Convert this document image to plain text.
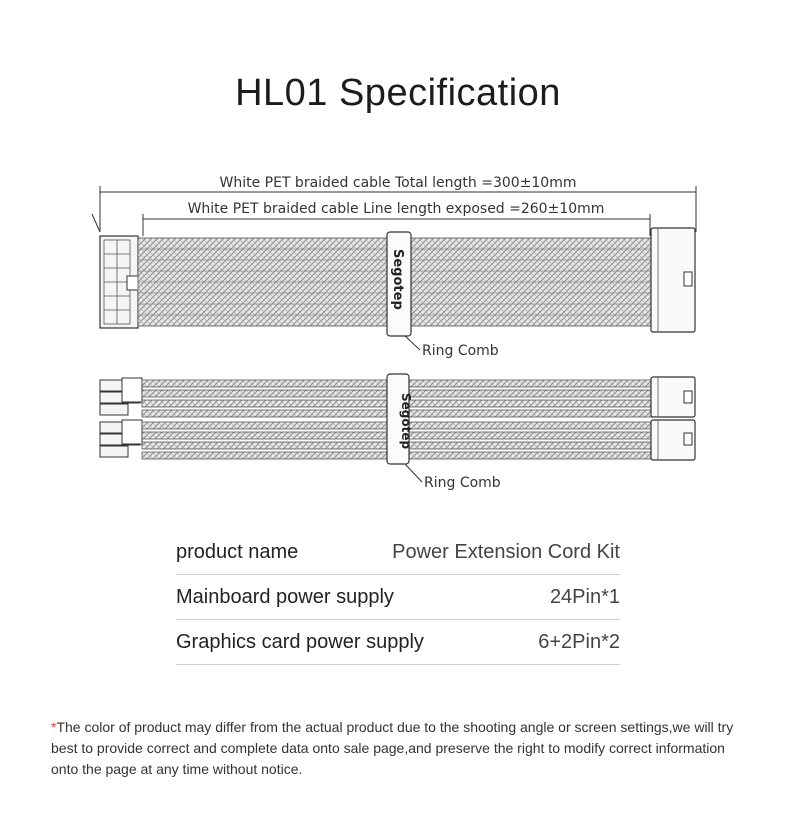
HL01 Specification
White PET braided cable Total length =300±10mm
White PET braided cable Line length exposed =260±10mm
Segotep
Ring Comb
Segotep
Ring Comb
product name	Power Extension Cord Kit
Mainboard power supply	24Pin*1
Graphics card power supply	6+2Pin*2
*The color of product may differ from the actual product due to the shooting angle or screen settings,we will try best to provide correct and complete data onto sale page,and preserve the right to modify correct information onto the page at any time without notice.
